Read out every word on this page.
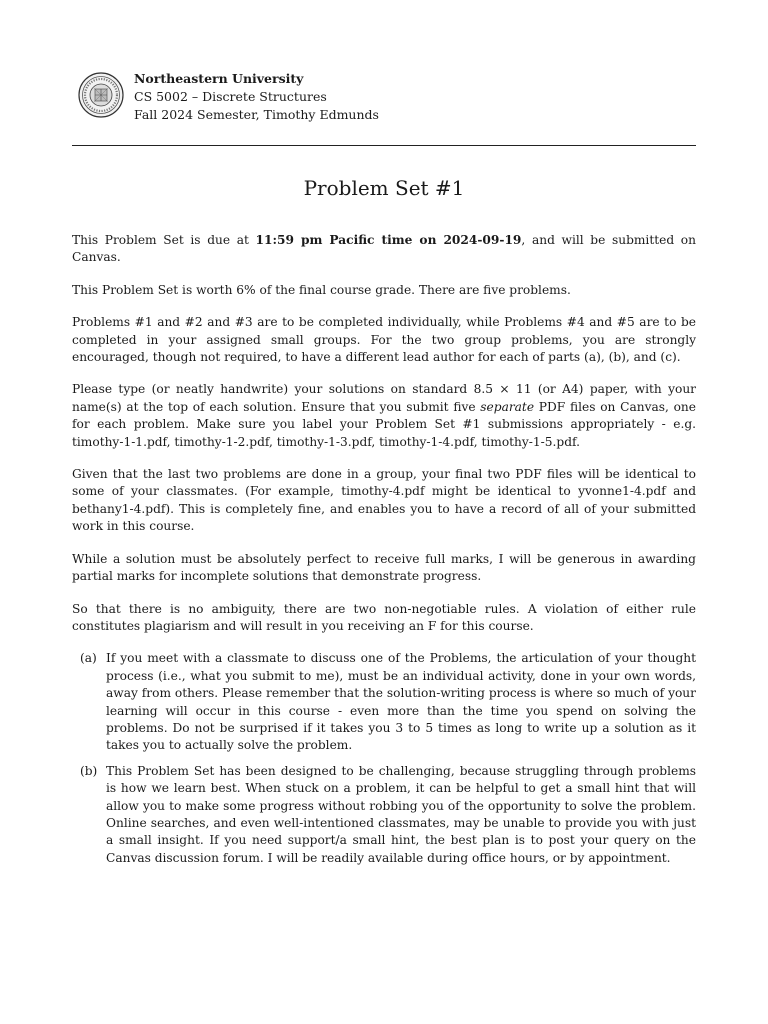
Northeastern University
CS 5002 – Discrete Structures
Fall 2024 Semester, Timothy Edmunds
Problem Set #1

This Problem Set is due at 11:59 pm Pacific time on 2024-09-19, and will be submitted on Canvas.

This Problem Set is worth 6% of the final course grade. There are five problems.

Problems #1 and #2 and #3 are to be completed individually, while Problems #4 and #5 are to be completed in your assigned small groups. For the two group problems, you are strongly encouraged, though not required, to have a different lead author for each of parts (a), (b), and (c).

Please type (or neatly handwrite) your solutions on standard 8.5 × 11 (or A4) paper, with your name(s) at the top of each solution. Ensure that you submit five separate PDF files on Canvas, one for each problem. Make sure you label your Problem Set #1 submissions appropriately - e.g. timothy-1-1.pdf, timothy-1-2.pdf, timothy-1-3.pdf, timothy-1-4.pdf, timothy-1-5.pdf.

Given that the last two problems are done in a group, your final two PDF files will be identical to some of your classmates. (For example, timothy-4.pdf might be identical to yvonne1-4.pdf and bethany1-4.pdf). This is completely fine, and enables you to have a record of all of your submitted work in this course.

While a solution must be absolutely perfect to receive full marks, I will be generous in awarding partial marks for incomplete solutions that demonstrate progress.

So that there is no ambiguity, there are two non-negotiable rules. A violation of either rule constitutes plagiarism and will result in you receiving an F for this course.

(a) If you meet with a classmate to discuss one of the Problems, the articulation of your thought process (i.e., what you submit to me), must be an individual activity, done in your own words, away from others. Please remember that the solution-writing process is where so much of your learning will occur in this course - even more than the time you spend on solving the problems. Do not be surprised if it takes you 3 to 5 times as long to write up a solution as it takes you to actually solve the problem.
(b) This Problem Set has been designed to be challenging, because struggling through problems is how we learn best. When stuck on a problem, it can be helpful to get a small hint that will allow you to make some progress without robbing you of the opportunity to solve the problem. Online searches, and even well-intentioned classmates, may be unable to provide you with just a small insight. If you need support/a small hint, the best plan is to post your query on the Canvas discussion forum. I will be readily available during office hours, or by appointment.
